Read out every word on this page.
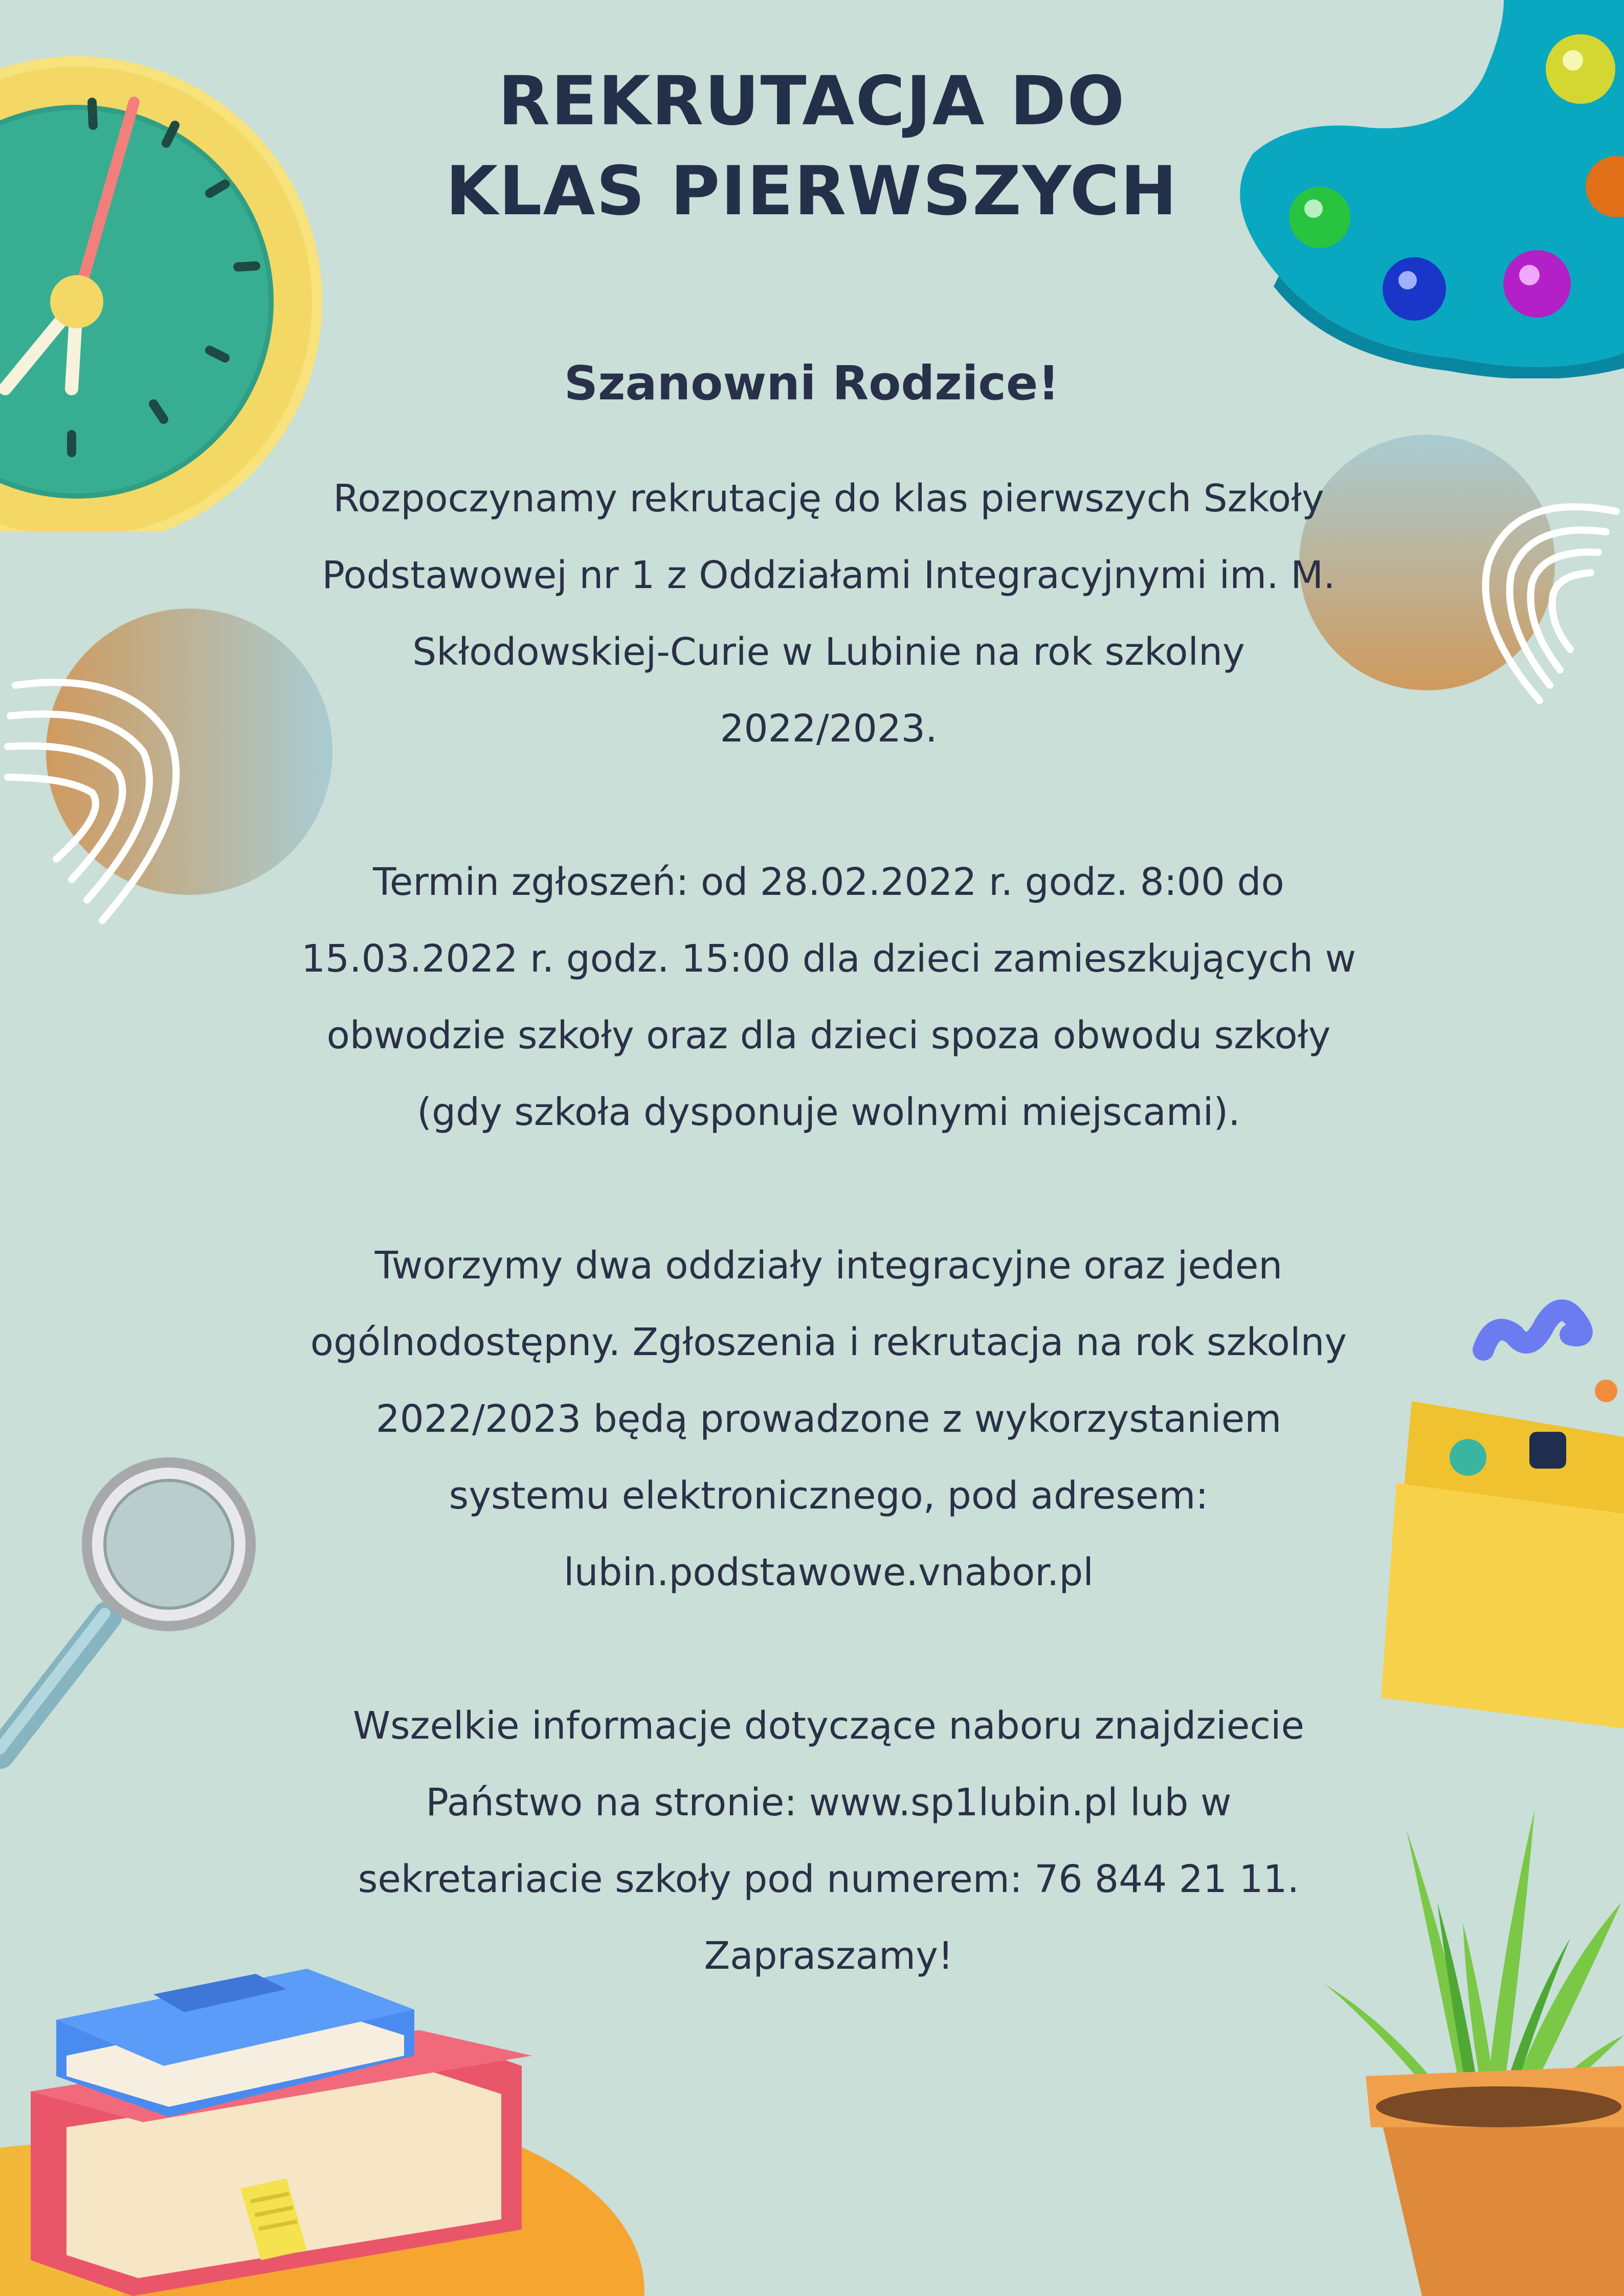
REKRUTACJA DO
KLAS PIERWSZYCH
Szanowni Rodzice!
Rozpoczynamy rekrutację do klas pierwszych Szkoły
Podstawowej nr 1 z Oddziałami Integracyjnymi im. M.
Skłodowskiej-Curie w Lubinie na rok szkolny
2022/2023.
Termin zgłoszeń: od 28.02.2022 r. godz. 8:00 do
15.03.2022 r. godz. 15:00 dla dzieci zamieszkujących w
obwodzie szkoły oraz dla dzieci spoza obwodu szkoły
(gdy szkoła dysponuje wolnymi miejscami).
Tworzymy dwa oddziały integracyjne oraz jeden
ogólnodostępny. Zgłoszenia i rekrutacja na rok szkolny
2022/2023 będą prowadzone z wykorzystaniem
systemu elektronicznego, pod adresem:
lubin.podstawowe.vnabor.pl
Wszelkie informacje dotyczące naboru znajdziecie
Państwo na stronie: www.sp1lubin.pl lub w
sekretariacie szkoły pod numerem: 76 844 21 11.
Zapraszamy!
